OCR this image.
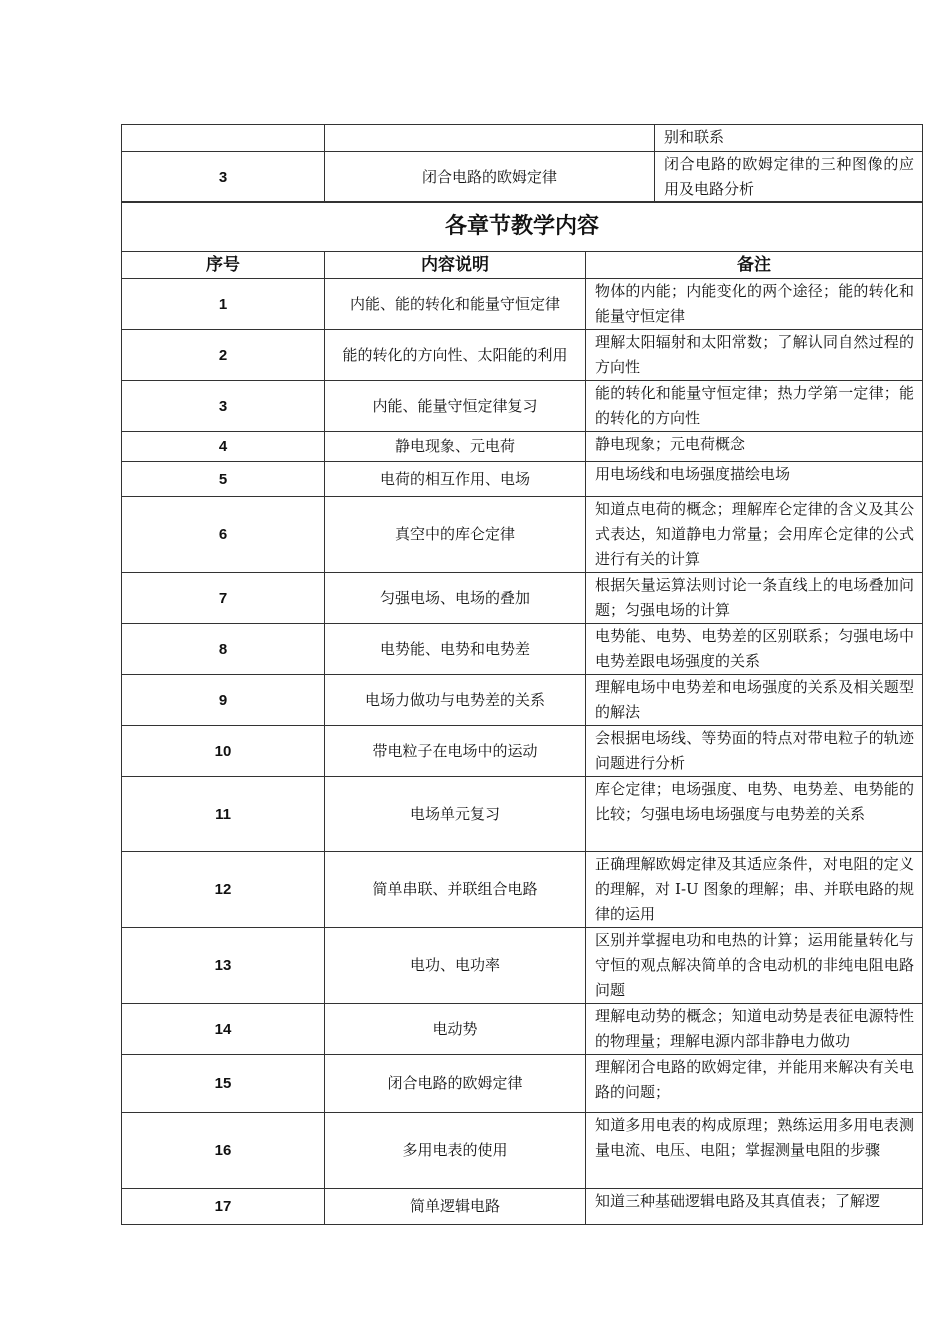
		别和联系
3	闭合电路的欧姆定律	闭合电路的欧姆定律的三种图像的应用及电路分析
各章节教学内容		
序号	内容说明	备注
1	内能、能的转化和能量守恒定律	物体的内能；内能变化的两个途径；能的转化和能量守恒定律
2	能的转化的方向性、太阳能的利用	理解太阳辐射和太阳常数；了解认同自然过程的方向性
3	内能、能量守恒定律复习	能的转化和能量守恒定律；热力学第一定律；能的转化的方向性
4	静电现象、元电荷	静电现象；元电荷概念
5	电荷的相互作用、电场	用电场线和电场强度描绘电场
6	真空中的库仑定律	知道点电荷的概念；理解库仑定律的含义及其公式表达，知道静电力常量；会用库仑定律的公式进行有关的计算
7	匀强电场、电场的叠加	根据矢量运算法则讨论一条直线上的电场叠加问题；匀强电场的计算
8	电势能、电势和电势差	电势能、电势、电势差的区别联系；匀强电场中电势差跟电场强度的关系
9	电场力做功与电势差的关系	理解电场中电势差和电场强度的关系及相关题型的解法
10	带电粒子在电场中的运动	会根据电场线、等势面的特点对带电粒子的轨迹问题进行分析
11	电场单元复习	库仑定律；电场强度、电势、电势差、电势能的比较；匀强电场电场强度与电势差的关系
12	简单串联、并联组合电路	正确理解欧姆定律及其适应条件，对电阻的定义的理解，对 I-U 图象的理解；串、并联电路的规律的运用
13	电功、电功率	区别并掌握电功和电热的计算；运用能量转化与守恒的观点解决简单的含电动机的非纯电阻电路问题
14	电动势	理解电动势的概念；知道电动势是表征电源特性的物理量；理解电源内部非静电力做功
15	闭合电路的欧姆定律	理解闭合电路的欧姆定律，并能用来解决有关电路的问题；
16	多用电表的使用	知道多用电表的构成原理；熟练运用多用电表测量电流、电压、电阻；掌握测量电阻的步骤
17	简单逻辑电路	知道三种基础逻辑电路及其真值表；了解逻
